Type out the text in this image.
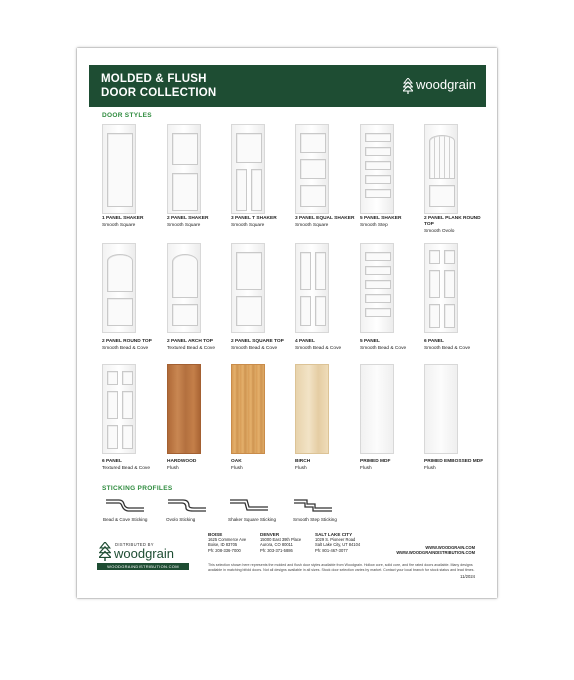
MOLDED & FLUSH
DOOR COLLECTION
woodgrain
DOOR STYLES
1 PANEL SHAKER
Smooth Square
2 PANEL SHAKER
Smooth Square
3 PANEL T SHAKER
Smooth Square
3 PANEL EQUAL SHAKER
Smooth Square
5 PANEL SHAKER
Smooth Step
2 PANEL PLANK ROUND TOP
Smooth Ovolo
2 PANEL ROUND TOP
Smooth Bead & Cove
2 PANEL ARCH TOP
Textured Bead & Cove
2 PANEL SQUARE TOP
Smooth Bead & Cove
4 PANEL
Smooth Bead & Cove
5 PANEL
Smooth Bead & Cove
6 PANEL
Smooth Bead & Cove
6 PANEL
Textured Bead & Cove
HARDWOOD
Flush
OAK
Flush
BIRCH
Flush
PRIMED MDF
Flush
PRIMED EMBOSSED MDF
Flush
STICKING PROFILES
Bead & Cove Sticking	Ovolo Sticking	Shaker Square Sticking	Smooth Step Sticking
DISTRIBUTED BY
woodgrain
WOODGRAINDISTRIBUTION.COM
BOISE
1625 Commerce Ave
Boise, ID 83705
Ph: 208-336-7000
DENVER
15000 East 39th Place
Aurora, CO 80011
Ph: 303-371-5886
SALT LAKE CITY
1029 S. Pioneer Road
Salt Lake City, UT 84104
Ph: 801-467-3077
WWW.WOODGRAIN.COM
WWW.WOODGRAINDISTRIBUTION.COM
This selection shown here represents the molded and flush door styles available from Woodgrain. Hollow core, solid core, and fire rated doors available. Many designs available in matching bifold doors. Not all designs available in all sizes. Stock door selection varies by market. Contact your local branch for stock status and lead times.
11/2024
